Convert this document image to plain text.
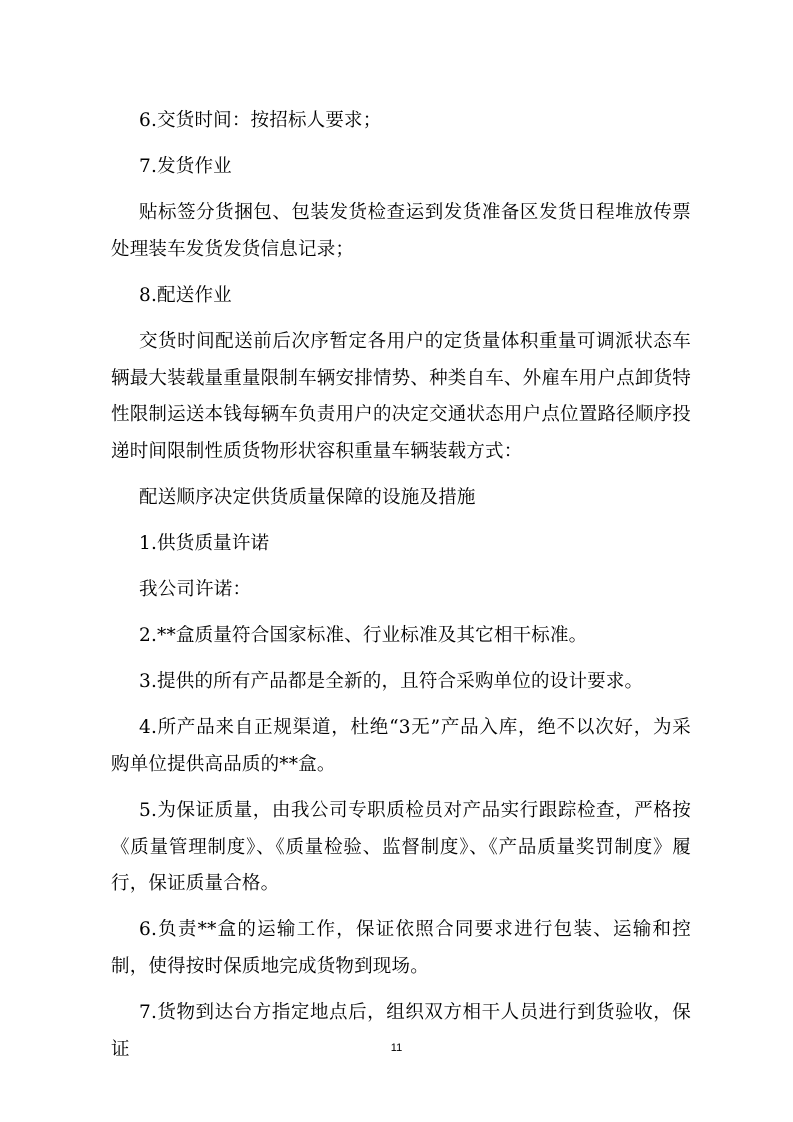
6.交货时间：按招标人要求；

7.发货作业

贴标签分货捆包、包装发货检查运到发货准备区发货日程堆放传票处理装车发货发货信息记录；

8.配送作业

交货时间配送前后次序暂定各用户的定货量体积重量可调派状态车辆最大装载量重量限制车辆安排情势、种类自车、外雇车用户点卸货特性限制运送本钱每辆车负责用户的决定交通状态用户点位置路径顺序投递时间限制性质货物形状容积重量车辆装载方式：

配送顺序决定供货质量保障的设施及措施

1.供货质量许诺

我公司许诺：

2.**盒质量符合国家标准、行业标准及其它相干标准。

3.提供的所有产品都是全新的，且符合采购单位的设计要求。

4.所产品来自正规渠道，杜绝“3无”产品入库，绝不以次好，为采购单位提供高品质的**盒。

5.为保证质量，由我公司专职质检员对产品实行跟踪检查，严格按《质量管理制度》、《质量检验、监督制度》、《产品质量奖罚制度》履行，保证质量合格。

6.负责**盒的运输工作，保证依照合同要求进行包装、运输和控制，使得按时保质地完成货物到现场。

7.货物到达台方指定地点后，组织双方相干人员进行到货验收，保证	11
